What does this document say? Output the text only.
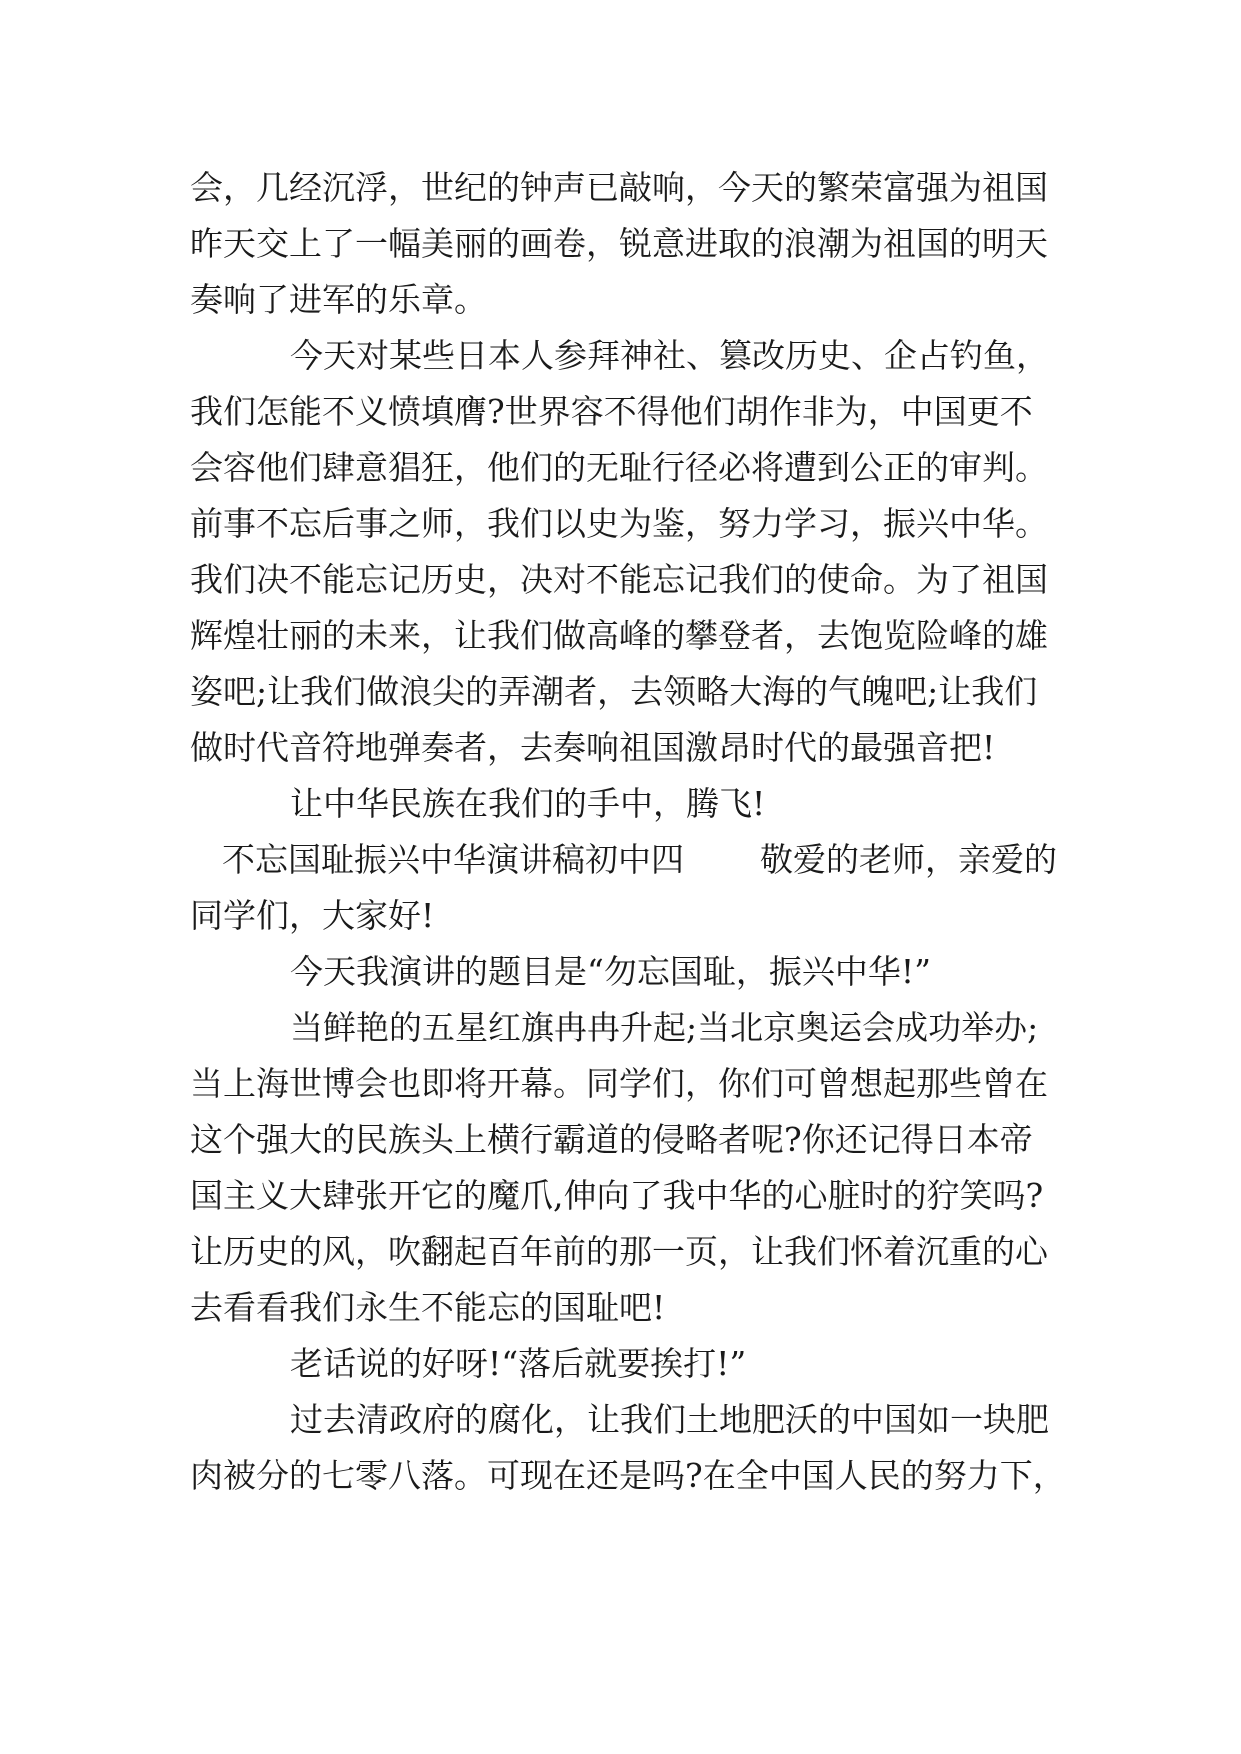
会，几经沉浮，世纪的钟声已敲响，今天的繁荣富强为祖国
昨天交上了一幅美丽的画卷，锐意进取的浪潮为祖国的明天
奏响了进军的乐章。
今天对某些日本人参拜神社、篡改历史、企占钓鱼，
我们怎能不义愤填膺?世界容不得他们胡作非为，中国更不
会容他们肆意猖狂，他们的无耻行径必将遭到公正的审判。
前事不忘后事之师，我们以史为鉴，努力学习，振兴中华。
我们决不能忘记历史，决对不能忘记我们的使命。为了祖国
辉煌壮丽的未来，让我们做高峰的攀登者，去饱览险峰的雄
姿吧;让我们做浪尖的弄潮者，去领略大海的气魄吧;让我们
做时代音符地弹奏者，去奏响祖国激昂时代的最强音把!
让中华民族在我们的手中，腾飞!
不忘国耻振兴中华演讲稿初中四 敬爱的老师，亲爱的
同学们，大家好!
今天我演讲的题目是“勿忘国耻，振兴中华!”
当鲜艳的五星红旗冉冉升起;当北京奥运会成功举办;
当上海世博会也即将开幕。同学们，你们可曾想起那些曾在
这个强大的民族头上横行霸道的侵略者呢?你还记得日本帝
国主义大肆张开它的魔爪,伸向了我中华的心脏时的狞笑吗?
让历史的风，吹翻起百年前的那一页，让我们怀着沉重的心
去看看我们永生不能忘的国耻吧!
老话说的好呀!“落后就要挨打!”
过去清政府的腐化，让我们土地肥沃的中国如一块肥
肉被分的七零八落。可现在还是吗?在全中国人民的努力下，
